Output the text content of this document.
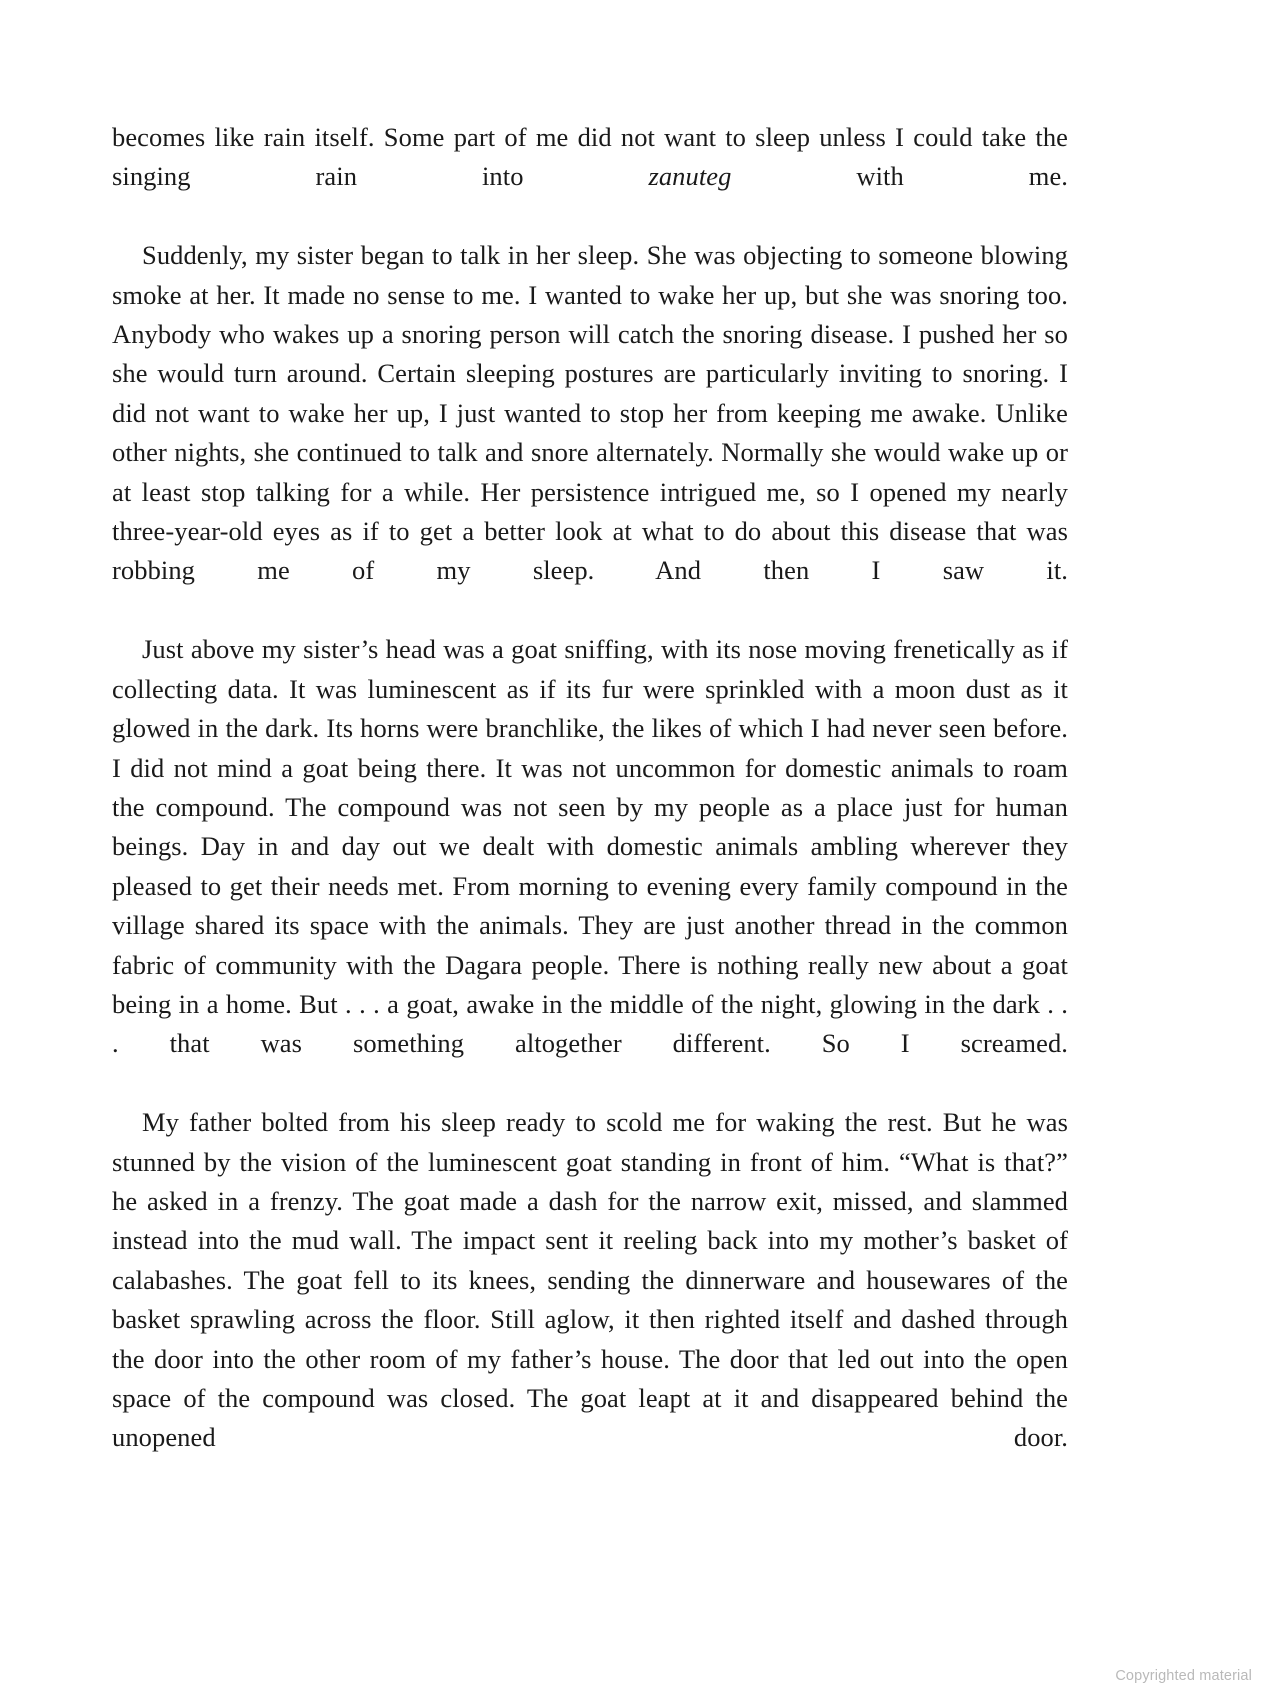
becomes like rain itself. Some part of me did not want to sleep unless I could take the singing rain into zanuteg with me.

Suddenly, my sister began to talk in her sleep. She was objecting to someone blowing smoke at her. It made no sense to me. I wanted to wake her up, but she was snoring too. Anybody who wakes up a snoring person will catch the snoring disease. I pushed her so she would turn around. Certain sleeping postures are particularly inviting to snoring. I did not want to wake her up, I just wanted to stop her from keeping me awake. Unlike other nights, she continued to talk and snore alternately. Normally she would wake up or at least stop talking for a while. Her persistence intrigued me, so I opened my nearly three-year-old eyes as if to get a better look at what to do about this disease that was robbing me of my sleep. And then I saw it.

Just above my sister’s head was a goat sniffing, with its nose moving frenetically as if collecting data. It was luminescent as if its fur were sprinkled with a moon dust as it glowed in the dark. Its horns were branchlike, the likes of which I had never seen before. I did not mind a goat being there. It was not uncommon for domestic animals to roam the compound. The compound was not seen by my people as a place just for human beings. Day in and day out we dealt with domestic animals ambling wherever they pleased to get their needs met. From morning to evening every family compound in the village shared its space with the animals. They are just another thread in the common fabric of community with the Dagara people. There is nothing really new about a goat being in a home. But . . . a goat, awake in the middle of the night, glowing in the dark . . . that was something altogether different. So I screamed.

My father bolted from his sleep ready to scold me for waking the rest. But he was stunned by the vision of the luminescent goat standing in front of him. “What is that?” he asked in a frenzy. The goat made a dash for the narrow exit, missed, and slammed instead into the mud wall. The impact sent it reeling back into my mother’s basket of calabashes. The goat fell to its knees, sending the dinnerware and housewares of the basket sprawling across the floor. Still aglow, it then righted itself and dashed through the door into the other room of my father’s house. The door that led out into the open space of the compound was closed. The goat leapt at it and disappeared behind the unopened door.

Copyrighted material
